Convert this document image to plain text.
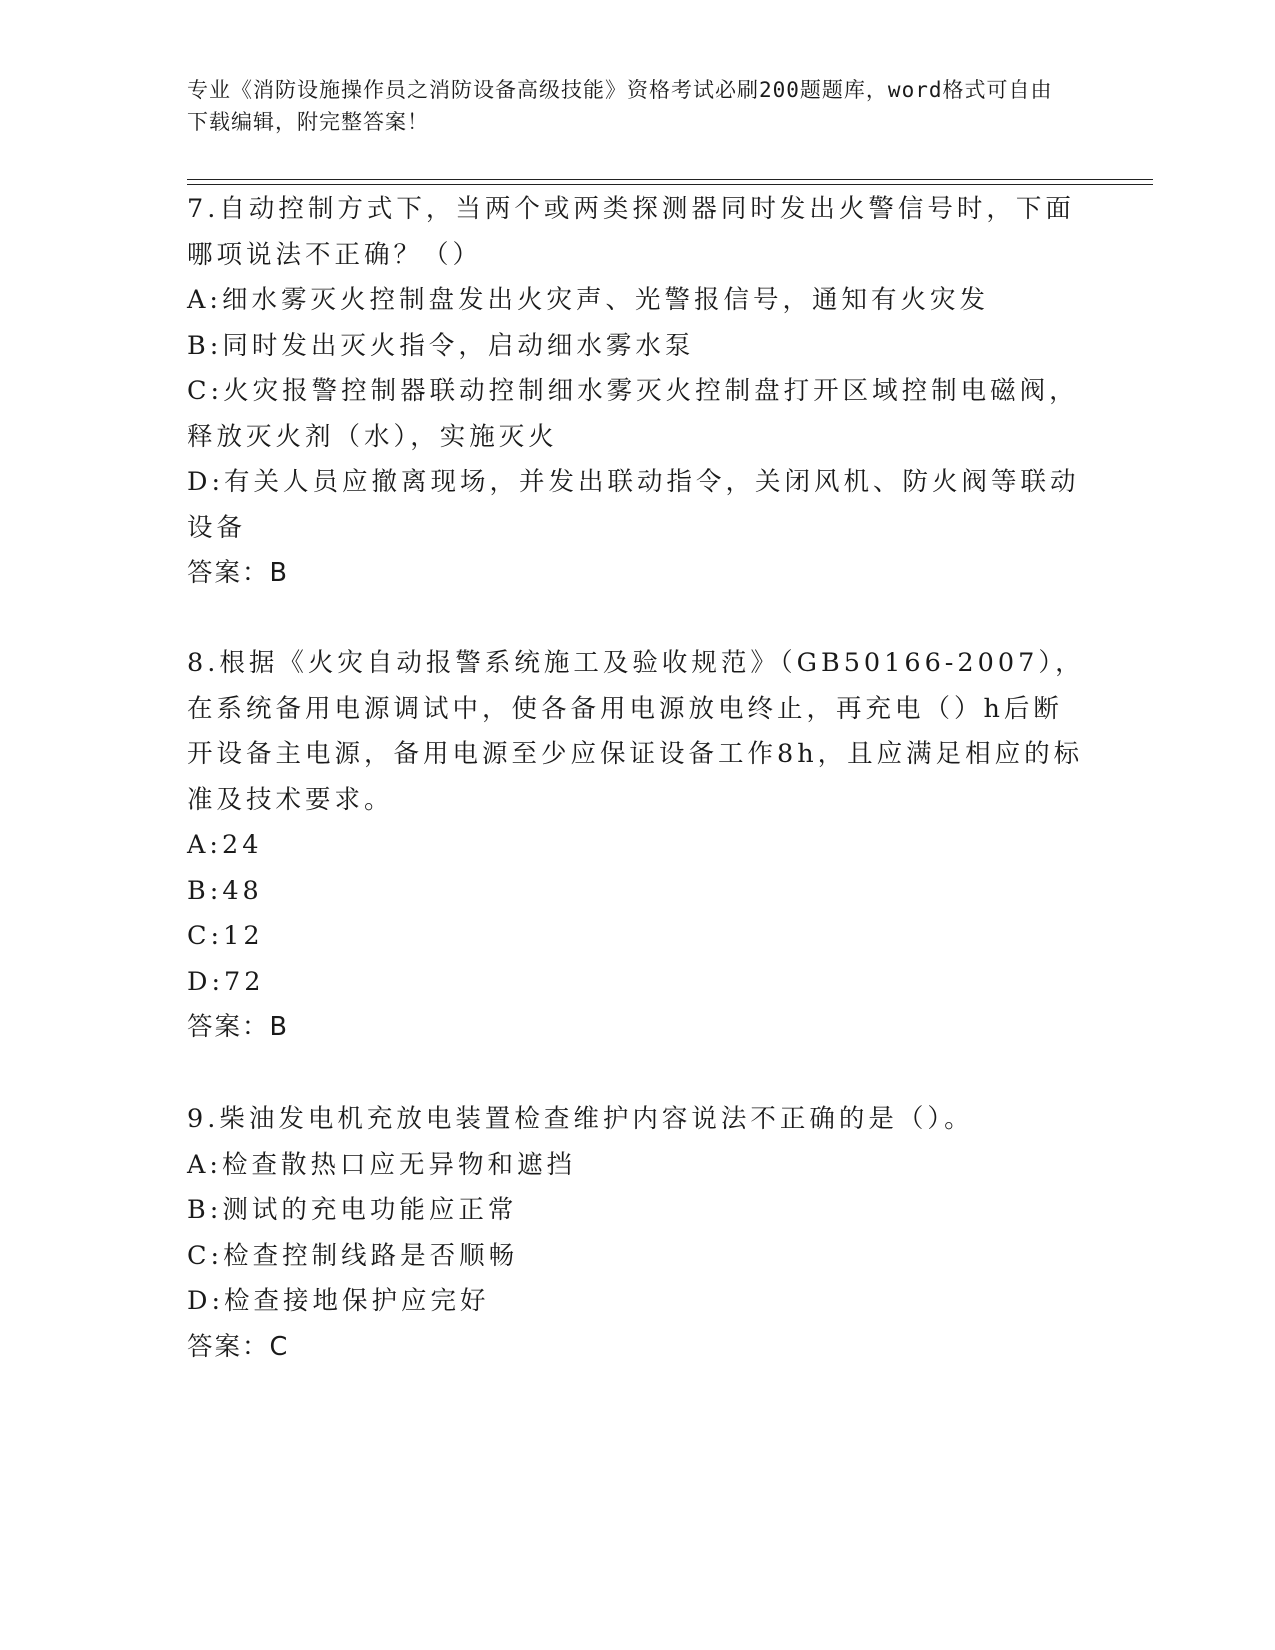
专业《消防设施操作员之消防设备高级技能》资格考试必刷200题题库，word格式可自由下载编辑，附完整答案！
7.自动控制方式下，当两个或两类探测器同时发出火警信号时，下面哪项说法不正确？（）
A:细水雾灭火控制盘发出火灾声、光警报信号，通知有火灾发
B:同时发出灭火指令，启动细水雾水泵
C:火灾报警控制器联动控制细水雾灭火控制盘打开区域控制电磁阀，释放灭火剂（水），实施灭火
D:有关人员应撤离现场，并发出联动指令，关闭风机、防火阀等联动设备
答案：B
8.根据《火灾自动报警系统施工及验收规范》（GB50166-2007），在系统备用电源调试中，使各备用电源放电终止，再充电（）h后断开设备主电源，备用电源至少应保证设备工作8h，且应满足相应的标准及技术要求。
A:24
B:48
C:12
D:72
答案：B
9.柴油发电机充放电装置检查维护内容说法不正确的是（）。
A:检查散热口应无异物和遮挡
B:测试的充电功能应正常
C:检查控制线路是否顺畅
D:检查接地保护应完好
答案：C
